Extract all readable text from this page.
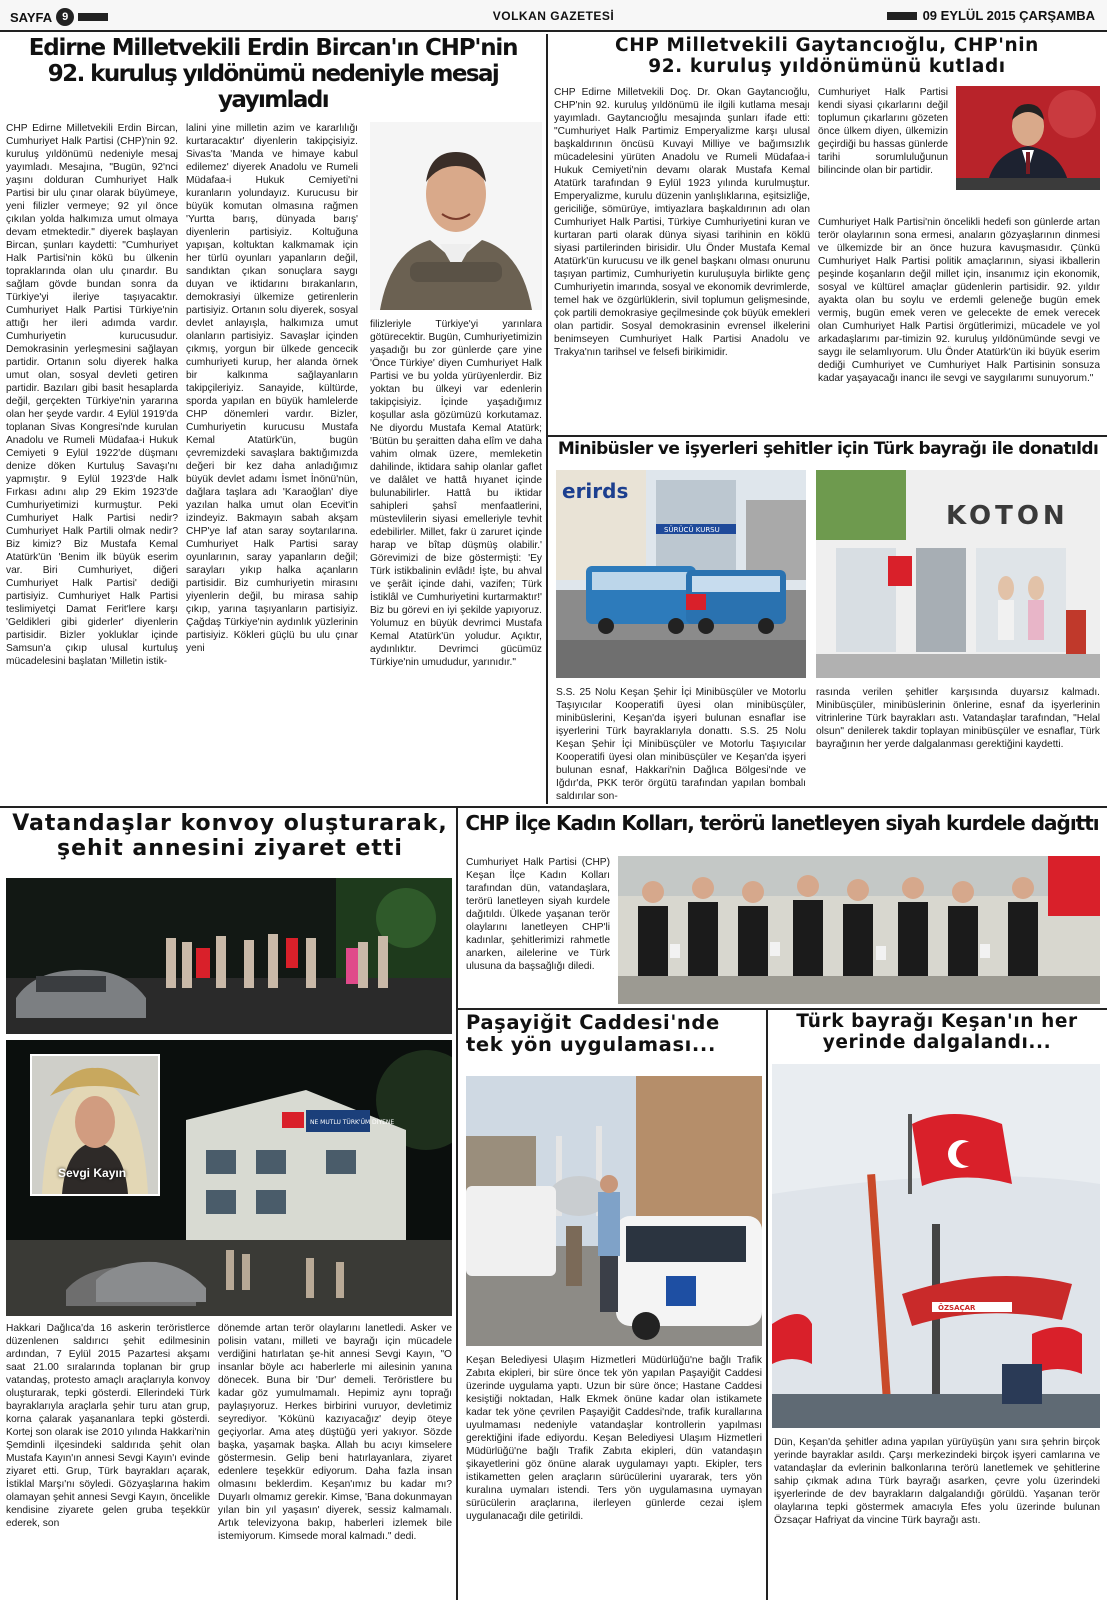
SAYFA 9	VOLKAN GAZETESİ	09 EYLÜL 2015 ÇARŞAMBA
Edirne Milletvekili Erdin Bircan'ın CHP'nin
92. kuruluş yıldönümü nedeniyle mesaj yayımladı
CHP Edirne Milletvekili Erdin Bircan, Cumhuriyet Halk Partisi (CHP)'nin 92. kuruluş yıldönümü nedeniyle mesaj yayımladı. Mesajına, "Bugün, 92'nci yaşını dolduran Cumhuriyet Halk Partisi bir ulu çınar olarak büyümeye, yeni filizler vermeye; 92 yıl önce çıkılan yolda halkımıza umut olmaya devam etmektedir." diyerek başlayan Bircan, şunları kaydetti: "Cumhuriyet Halk Partisi'nin kökü bu ülkenin topraklarında olan ulu çınardır. Bu sağlam gövde bundan sonra da Türkiye'yi ileriye taşıyacaktır. Cumhuriyet Halk Partisi Türkiye'nin attığı her ileri adımda vardır. Cumhuriyetin kurucusudur. Demokrasinin yerleşmesini sağlayan partidir. Ortanın solu diyerek halka umut olan, sosyal devleti getiren partidir. Bazıları gibi basit hesaplarda değil, gerçekten Türkiye'nin yararına olan her şeyde vardır. 4 Eylül 1919'da toplanan Sivas Kongresi'nde kurulan Anadolu ve Rumeli Müdafaa-i Hukuk Cemiyeti 9 Eylül 1922'de düşmanı denize döken Kurtuluş Savaşı'nı yapmıştır. 9 Eylül 1923'de Halk Fırkası adını alıp 29 Ekim 1923'de Cumhuriyetimizi kurmuştur. Peki Cumhuriyet Halk Partisi nedir? Cumhuriyet Halk Partili olmak nedir? Biz kimiz? Biz Mustafa Kemal Atatürk'ün 'Benim ilk büyük eserim var. Biri Cumhuriyet, diğeri Cumhuriyet Halk Partisi' dediği partisiyiz. Cumhuriyet Halk Partisi teslimiyetçi Damat Ferit'lere karşı 'Geldikleri gibi giderler' diyenlerin partisidir. Bizler yokluklar içinde Samsun'a çıkıp ulusal kurtuluş mücadelesini başlatan 'Milletin istik-
lalini yine milletin azim ve kararlılığı kurtaracaktır' diyenlerin takipçisiyiz. Sivas'ta 'Manda ve himaye kabul edilemez' diyerek Anadolu ve Rumeli Müdafaa-i Hukuk Cemiyeti'ni kuranların yolundayız. Kurucusu bir büyük komutan olmasına rağmen 'Yurtta barış, dünyada barış' diyenlerin partisiyiz. Koltuğuna yapışan, koltuktan kalkmamak için her türlü oyunları yapanların değil, sandıktan çıkan sonuçlara saygı duyan ve iktidarını bırakanların, demokrasiyi ülkemize getirenlerin partisiyiz. Ortanın solu diyerek, sosyal devlet anlayışla, halkımıza umut olanların partisiyiz. Savaşlar içinden çıkmış, yorgun bir ülkede gencecik cumhuriyeti kurup, her alanda örnek bir kalkınma sağlayanların takipçileriyiz. Sanayide, kültürde, sporda yapılan en büyük hamlelerde CHP dönemleri vardır. Bizler, Cumhuriyetin kurucusu Mustafa Kemal Atatürk'ün, bugün çevremizdeki savaşlara baktığımızda değeri bir kez daha anladığımız büyük devlet adamı İsmet İnönü'nün, dağlara taşlara adı 'Karaoğlan' diye yazılan halka umut olan Ecevit'in izindeyiz. Bakmayın sabah akşam CHP'ye laf atan saray soytarılarına. Cumhuriyet Halk Partisi saray oyunlarının, saray yapanların değil; sarayları yıkıp halka açanların partisidir. Biz cumhuriyetin mirasını yiyenlerin değil, bu mirasa sahip çıkıp, yarına taşıyanların partisiyiz. Çağdaş Türkiye'nin aydınlık yüzlerinin partisiyiz. Kökleri güçlü bu ulu çınar yeni
filizleriyle Türkiye'yi yarınlara götürecektir. Bugün, Cumhuriyetimizin yaşadığı bu zor günlerde çare yine 'Önce Türkiye' diyen Cumhuriyet Halk Partisi ve bu yolda yürüyenlerdir. Biz yoktan bu ülkeyi var edenlerin takipçisiyiz. İçinde yaşadığımız koşullar asla gözümüzü korkutamaz. Ne diyordu Mustafa Kemal Atatürk; 'Bütün bu şeraitten daha elîm ve daha vahim olmak üzere, memleketin dahilinde, iktidara sahip olanlar gaflet ve dalâlet ve hattâ hıyanet içinde bulunabilirler. Hattâ bu iktidar sahipleri şahsî menfaatlerini, müstevlilerin siyasi emelleriyle tevhit edebilirler. Millet, fakr ü zaruret içinde harap ve bîtap düşmüş olabilir.' Görevimizi de bize göstermişti: 'Ey Türk istikbalinin evlâdı! İşte, bu ahval ve şerâit içinde dahi, vazifen; Türk İstiklâl ve Cumhuriyetini kurtarmaktır!' Biz bu görevi en iyi şekilde yapıyoruz. Yolumuz en büyük devrimci Mustafa Kemal Atatürk'ün yoludur. Açıktır, aydınlıktır. Devrimci gücümüz Türkiye'nin umududur, yarınıdır."
CHP Milletvekili Gaytancıoğlu, CHP'nin
92. kuruluş yıldönümünü kutladı
CHP Edirne Milletvekili Doç. Dr. Okan Gaytancıoğlu, CHP'nin 92. kuruluş yıldönümü ile ilgili kutlama mesajı yayımladı. Gaytancıoğlu mesajında şunları ifade etti: "Cumhuriyet Halk Partimiz Emperyalizme karşı ulusal başkaldırının öncüsü Kuvayi Milliye ve bağımsızlık mücadelesini yürüten Anadolu ve Rumeli Müdafaa-i Hukuk Cemiyeti'nin devamı olarak Mustafa Kemal Atatürk tarafından 9 Eylül 1923 yılında kurulmuştur. Emperyalizme, kurulu düzenin yanlışlıklarına, eşitsizliğe, gericiliğe, sömürüye, imtiyazlara başkaldırının adı olan Cumhuriyet Halk Partisi, Türkiye Cumhuriyetini kuran ve kurtaran parti olarak dünya siyasi tarihinin en köklü siyasi partilerinden birisidir. Ulu Önder Mustafa Kemal Atatürk'ün kurucusu ve ilk genel başkanı olması onurunu taşıyan partimiz, Cumhuriyetin kuruluşuyla birlikte genç Cumhuriyetin imarında, sosyal ve ekonomik devrimlerde, temel hak ve özgürlüklerin, sivil toplumun gelişmesinde, çok partili demokrasiye geçilmesinde çok büyük emekleri olan partidir. Sosyal demokrasinin evrensel ilkelerini benimseyen Cumhuriyet Halk Partisi Anadolu ve Trakya'nın tarihsel ve felsefi birikimidir.
Cumhuriyet Halk Partisi kendi siyasi çıkarlarını değil toplumun çıkarlarını gözeten önce ülkem diyen, ülkemizin geçirdiği bu hassas günlerde tarihi sorumluluğunun bilincinde olan bir partidir.
Cumhuriyet Halk Partisi'nin öncelikli hedefi son günlerde artan terör olaylarının sona ermesi, anaların gözyaşlarının dinmesi ve ülkemizde bir an önce huzura kavuşmasıdır. Çünkü Cumhuriyet Halk Partisi politik amaçlarının, siyasi ikballerin peşinde koşanların değil millet için, insanımız için ekonomik, sosyal ve kültürel amaçlar güdenlerin partisidir. 92. yıldır ayakta olan bu soylu ve erdemli geleneğe bugün emek vermiş, bugün emek veren ve gelecekte de emek verecek olan Cumhuriyet Halk Partisi örgütlerimizi, mücadele ve yol arkadaşlarımı par-timizin 92. kuruluş yıldönümünde sevgi ve saygı ile selamlıyorum. Ulu Önder Atatürk'ün iki büyük eserim dediği Cumhuriyet ve Cumhuriyet Halk Partisinin sonsuza kadar yaşayacağı inancı ile sevgi ve saygılarımı sunuyorum."
Minibüsler ve işyerleri şehitler için Türk bayrağı ile donatıldı
erirds
SÜRÜCÜ KURSU	KOTON
S.S. 25 Nolu Keşan Şehir İçi Minibüsçüler ve Motorlu Taşıyıcılar Kooperatifi üyesi olan minibüsçüler, minibüslerini, Keşan'da işyeri bulunan esnaflar ise işyerlerini Türk bayraklarıyla donattı. S.S. 25 Nolu Keşan Şehir İçi Minibüsçüler ve Motorlu Taşıyıcılar Kooperatifi üyesi olan minibüsçüler ve Keşan'da işyeri bulunan esnaf, Hakkari'nin Dağlıca Bölgesi'nde ve Iğdır'da, PKK terör örgütü tarafından yapılan bombalı saldırılar son-
rasında verilen şehitler karşısında duyarsız kalmadı. Minibüsçüler, minibüslerinin önlerine, esnaf da işyerlerinin vitrinlerine Türk bayrakları astı. Vatandaşlar tarafından, "Helal olsun" denilerek takdir toplayan minibüsçüler ve esnaflar, Türk bayrağının her yerde dalgalanması gerektiğini kaydetti.
Vatandaşlar konvoy oluşturarak,
şehit annesini ziyaret etti
NE MUTLU TÜRK'ÜM DİYENE
Sevgi Kayın
Hakkari Dağlıca'da 16 askerin teröristlerce düzenlenen saldırıcı şehit edilmesinin ardından, 7 Eylül 2015 Pazartesi akşamı saat 21.00 sıralarında toplanan bir grup vatandaş, protesto amaçlı araçlarıyla konvoy oluşturarak, tepki gösterdi. Ellerindeki Türk bayraklarıyla araçlarla şehir turu atan grup, korna çalarak yaşananlara tepki gösterdi. Kortej son olarak ise 2010 yılında Hakkari'nin Şemdinli ilçesindeki saldırıda şehit olan Mustafa Kayın'ın annesi Sevgi Kayın'ı evinde ziyaret etti. Grup, Türk bayrakları açarak, İstiklal Marşı'nı söyledi. Gözyaşlarına hakim olamayan şehit annesi Sevgi Kayın, öncelikle kendisine ziyarete gelen gruba teşekkür ederek, son
dönemde artan terör olaylarını lanetledi. Asker ve polisin vatanı, milleti ve bayrağı için mücadele verdiğini hatırlatan şe-hit annesi Sevgi Kayın, "O insanlar böyle acı haberlerle mi ailesinin yanına dönecek. Buna bir 'Dur' demeli. Teröristlere bu kadar göz yumulmamalı. Hepimiz aynı toprağı paylaşıyoruz. Herkes birbirini vuruyor, devletimiz seyrediyor. 'Kökünü kazıyacağız' deyip öteye geçiyorlar. Ama ateş düştüğü yeri yakıyor. Sözde başka, yaşamak başka. Allah bu acıyı kimselere göstermesin. Gelip beni hatırlayanlara, ziyaret edenlere teşekkür ediyorum. Daha fazla insan olmasını beklerdim. Keşan'ımız bu kadar mı? Duyarlı olmamız gerekir. Kimse, 'Bana dokunmayan yılan bin yıl yaşasın' diyerek, sessiz kalmamalı. Artık televizyona bakıp, haberleri izlemek bile istemiyorum. Kimsede moral kalmadı." dedi.
CHP İlçe Kadın Kolları, terörü lanetleyen siyah kurdele dağıttı
Cumhuriyet Halk Partisi (CHP) Keşan İlçe Kadın Kolları tarafından dün, vatandaşlara, terörü lanetleyen siyah kurdele dağıtıldı. Ülkede yaşanan terör olaylarını lanetleyen CHP'li kadınlar, şehitlerimizi rahmetle anarken, ailelerine ve Türk ulusuna da başsağlığı diledi.
Paşayiğit Caddesi'nde
tek yön uygulaması...
Keşan Belediyesi Ulaşım Hizmetleri Müdürlüğü'ne bağlı Trafik Zabıta ekipleri, bir süre önce tek yön yapılan Paşayiğit Caddesi üzerinde uygulama yaptı. Uzun bir süre önce; Hastane Caddesi kesiştiği noktadan, Halk Ekmek önüne kadar olan istikamete kadar tek yöne çevrilen Paşayiğit Caddesi'nde, trafik kurallarına uyulmaması nedeniyle vatandaşlar kontrollerin yapılması gerektiğini ifade ediyordu. Keşan Belediyesi Ulaşım Hizmetleri Müdürlüğü'ne bağlı Trafik Zabıta ekipleri, dün vatandaşın şikayetlerini göz önüne alarak uygulamayı yaptı. Ekipler, ters istikametten gelen araçların sürücülerini uyararak, ters yön kuralına uymaları istendi. Ters yön uygulamasına uymayan sürücülerin araçlarına, ilerleyen günlerde cezai işlem uygulanacağı dile getirildi.
Türk bayrağı Keşan'ın her
yerinde dalgalandı...
ÖZSAÇAR
Dün, Keşan'da şehitler adına yapılan yürüyüşün yanı sıra şehrin birçok yerinde bayraklar asıldı. Çarşı merkezindeki birçok işyeri camlarına ve vatandaşlar da evlerinin balkonlarına terörü lanetlemek ve şehitlerine sahip çıkmak adına Türk bayrağı asarken, çevre yolu üzerindeki işyerlerinde de dev bayrakların dalgalandığı görüldü. Yaşanan terör olaylarına tepki göstermek amacıyla Efes yolu üzerinde bulunan Özsaçar Hafriyat da vincine Türk bayrağı astı.
